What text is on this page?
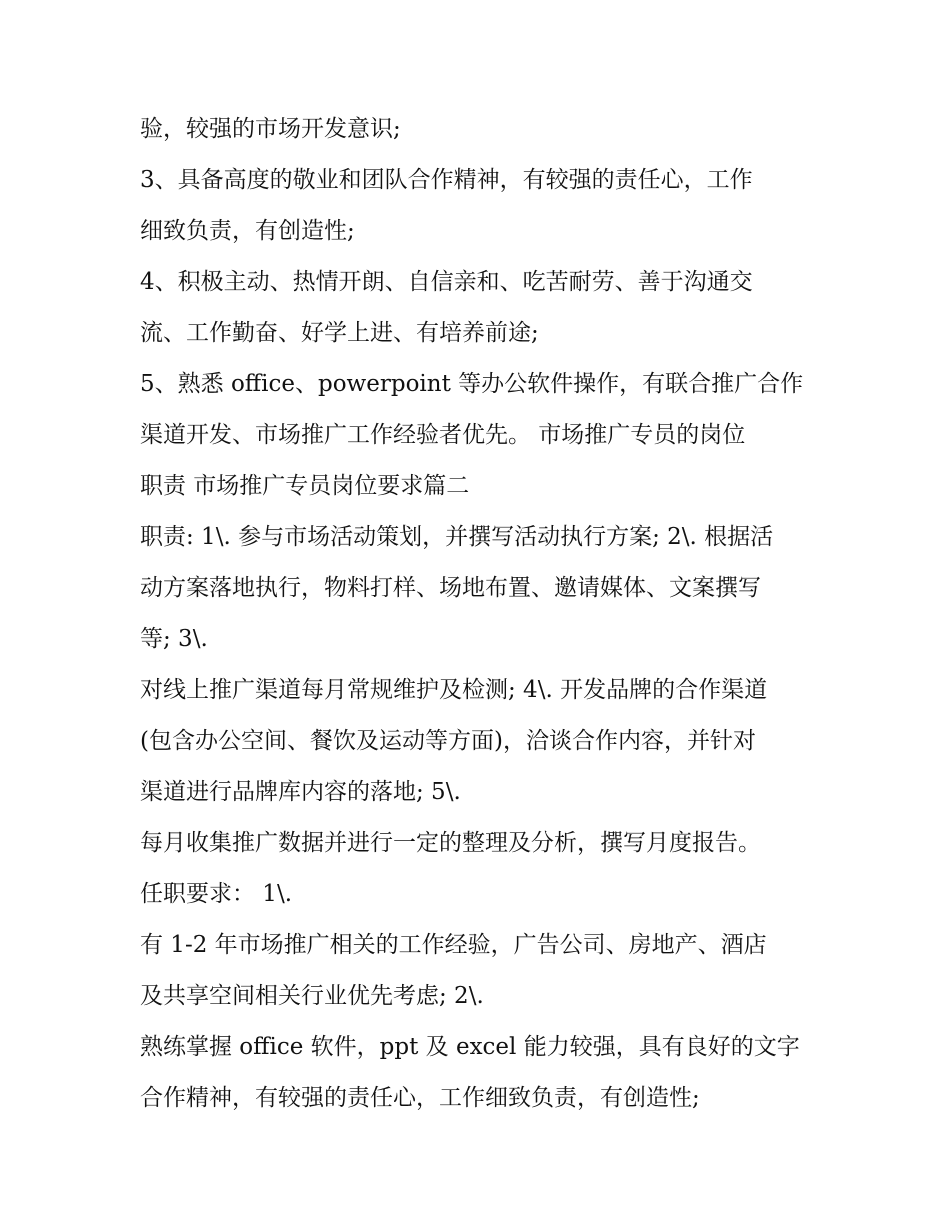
验，较强的市场开发意识;

3、具备高度的敬业和团队合作精神，有较强的责任心，工作

细致负责，有创造性;

4、积极主动、热情开朗、自信亲和、吃苦耐劳、善于沟通交

流、工作勤奋、好学上进、有培养前途;

5、熟悉 office、powerpoint 等办公软件操作，有联合推广合作

渠道开发、市场推广工作经验者优先。 市场推广专员的岗位

职责 市场推广专员岗位要求篇二

职责: 1\. 参与市场活动策划，并撰写活动执行方案; 2\. 根据活

动方案落地执行，物料打样、场地布置、邀请媒体、文案撰写

等; 3\.

对线上推广渠道每月常规维护及检测; 4\. 开发品牌的合作渠道

(包含办公空间、餐饮及运动等方面)，洽谈合作内容，并针对

渠道进行品牌库内容的落地; 5\.

每月收集推广数据并进行一定的整理及分析，撰写月度报告。

任职要求： 1\.

有 1-2 年市场推广相关的工作经验，广告公司、房地产、酒店

及共享空间相关行业优先考虑; 2\.

熟练掌握 office 软件，ppt 及 excel 能力较强，具有良好的文字

合作精神，有较强的责任心，工作细致负责，有创造性;
